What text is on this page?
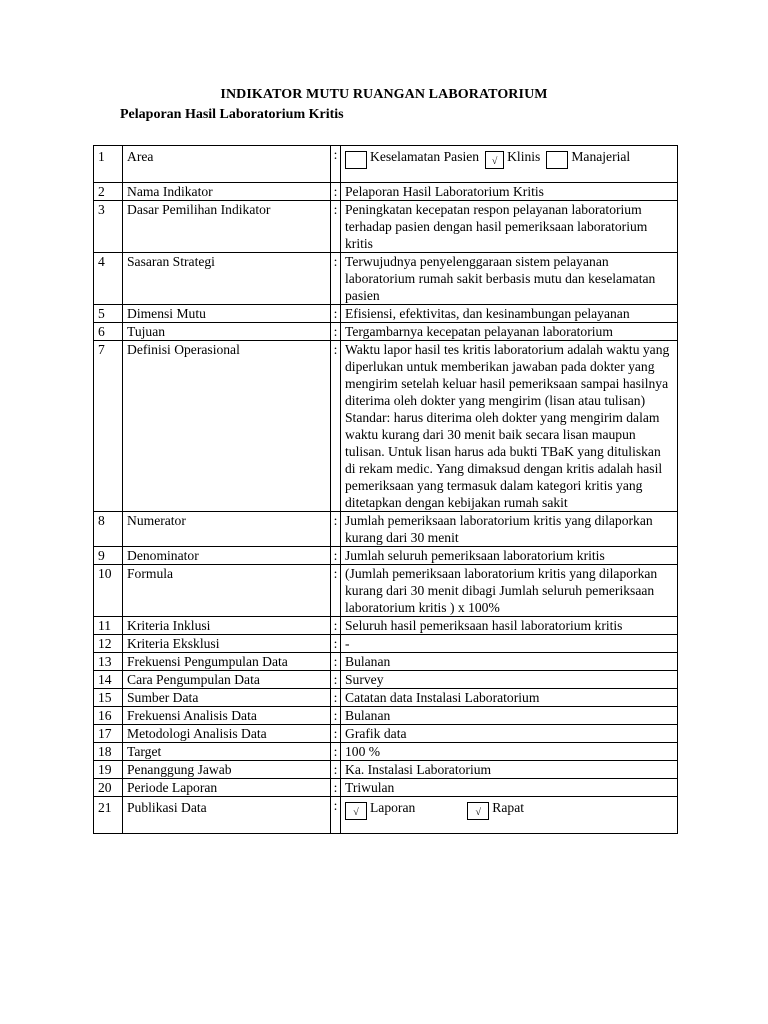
INDIKATOR MUTU RUANGAN LABORATORIUM
Pelaporan Hasil Laboratorium Kritis
1	Area	:	Keselamatan Pasien √ Klinis Manajerial

2	Nama Indikator	:	Pelaporan Hasil Laboratorium Kritis
3	Dasar Pemilihan Indikator	:	Peningkatan kecepatan respon pelayanan laboratorium terhadap pasien dengan hasil pemeriksaan laboratorium kritis
4	Sasaran Strategi	:	Terwujudnya penyelenggaraan sistem pelayanan laboratorium rumah sakit berbasis mutu dan keselamatan pasien
5	Dimensi Mutu	:	Efisiensi, efektivitas, dan kesinambungan pelayanan
6	Tujuan	:	Tergambarnya kecepatan pelayanan laboratorium
7	Definisi Operasional	:	Waktu lapor hasil tes kritis laboratorium adalah waktu yang diperlukan untuk memberikan jawaban pada dokter yang mengirim setelah keluar hasil pemeriksaan sampai hasilnya diterima oleh dokter yang mengirim (lisan atau tulisan) Standar: harus diterima oleh dokter yang mengirim dalam waktu kurang dari 30 menit baik secara lisan maupun tulisan. Untuk lisan harus ada bukti TBaK yang dituliskan di rekam medic. Yang dimaksud dengan kritis adalah hasil pemeriksaan yang termasuk dalam kategori kritis yang ditetapkan dengan kebijakan rumah sakit
8	Numerator	:	Jumlah pemeriksaan laboratorium kritis yang dilaporkan kurang dari 30 menit
9	Denominator	:	Jumlah seluruh pemeriksaan laboratorium kritis
10	Formula	:	(Jumlah pemeriksaan laboratorium kritis yang dilaporkan kurang dari 30 menit dibagi Jumlah seluruh pemeriksaan laboratorium kritis ) x 100%
11	Kriteria Inklusi	:	Seluruh hasil pemeriksaan hasil laboratorium kritis
12	Kriteria Eksklusi	:	-
13	Frekuensi Pengumpulan Data	:	Bulanan
14	Cara Pengumpulan Data	:	Survey
15	Sumber Data	:	Catatan data Instalasi Laboratorium
16	Frekuensi Analisis Data	:	Bulanan
17	Metodologi Analisis Data	:	Grafik data
18	Target	:	100 %
19	Penanggung Jawab	:	Ka. Instalasi Laboratorium
20	Periode Laporan	:	Triwulan
21	Publikasi Data	:	√ Laporan √ Rapat
